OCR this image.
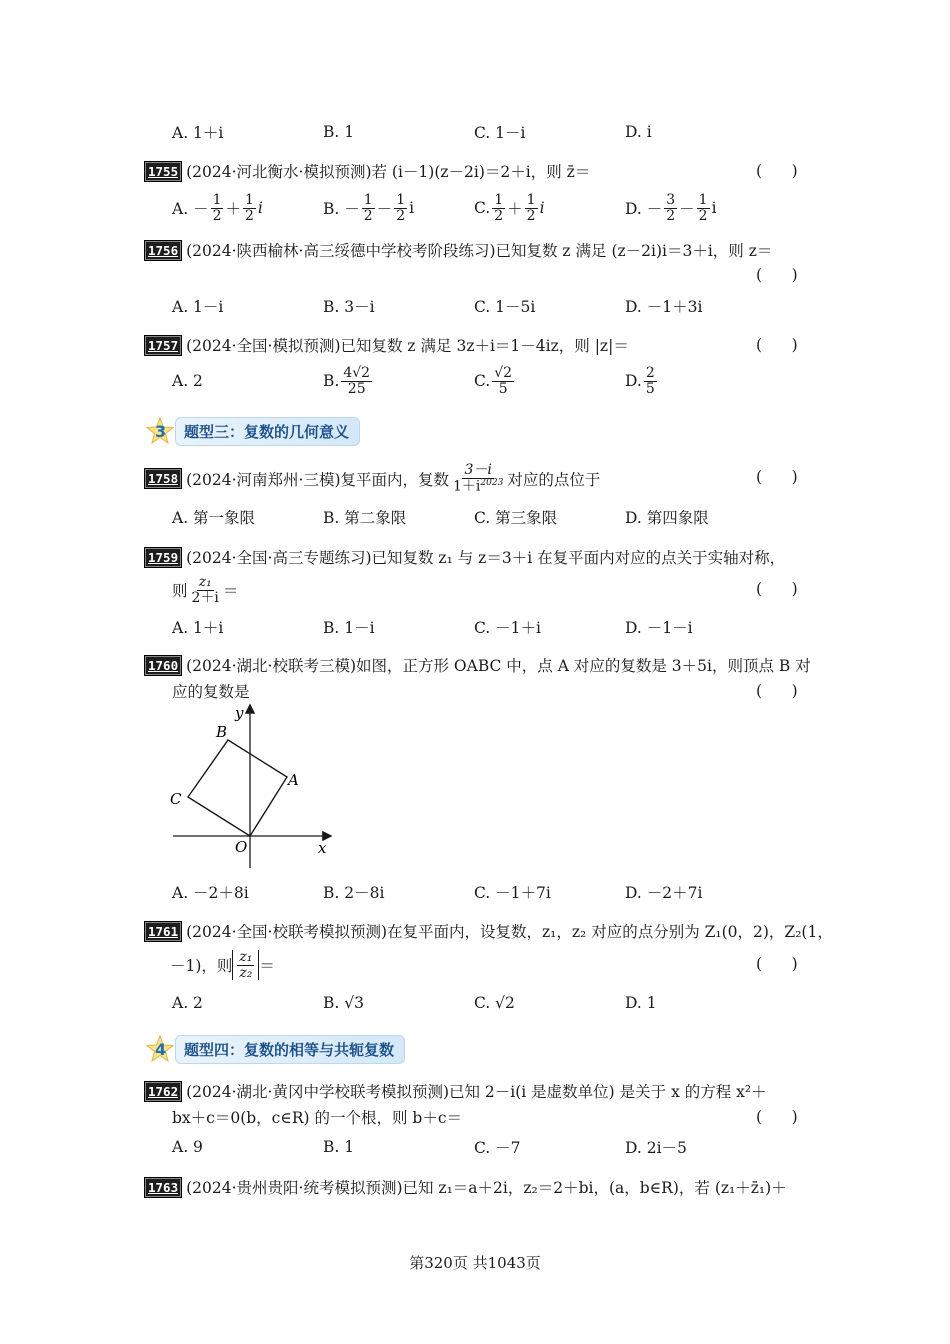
A. 1＋i	B. 1	C. 1－i	D. i
1755 (2024·河北衡水·模拟预测)若 (i－1)(z－2i)＝2＋i，则 z̄＝	(      )
A. － $\frac{1}{2} + \frac{1}{2}$ i	B. － $\frac{1}{2} - \frac{1}{2}$ i	C. $\frac{1}{2} + \frac{1}{2}$ i	D. － $\frac{3}{2} - \frac{1}{2}$ i
1756 (2024·陕西榆林·高三绥德中学校考阶段练习)已知复数 z 满足 (z－2i)i＝3＋i，则 z＝
(      )
A. 1－i	B. 3－i	C. 1－5i	D. －1＋3i
1757 (2024·全国·模拟预测)已知复数 z 满足 3z＋i＝1－4iz，则 |z|＝	(      )
A. 2	B. $\frac{4√2}{25}$	C. $\frac{√2}{5}$	D. $\frac{2}{5}$
3	题型三：复数的几何意义
1758 (2024·河南郑州·三模)复平面内，复数 $\frac{3-i}{1+i^{2023}}$ 对应的点位于	(      )
A. 第一象限	B. 第二象限	C. 第三象限	D. 第四象限
1759 (2024·全国·高三专题练习)已知复数 z₁ 与 z＝3＋i 在复平面内对应的点关于实轴对称，
则 $\frac{\text{z₁}}{2+i}$ ＝	(      )
A. 1＋i	B. 1－i	C. －1＋i	D. －1－i
1760 (2024·湖北·校联考三模)如图，正方形 OABC 中，点 A 对应的复数是 3＋5i，则顶点 B 对
应的复数是	(      )
O	x
y
A
B
C
A. －2＋8i	B. 2－8i	C. －1＋7i	D. －2＋7i
1761 (2024·全国·校联考模拟预测)在复平面内，设复数，z₁，z₂ 对应的点分别为 Z₁(0，2)，Z₂(1，
－1)，则 $\frac{\text{z₁}}{\text{z₂}}$ ＝	(      )
A. 2	B. √3	C. √2	D. 1
4	题型四：复数的相等与共轭复数
1762 (2024·湖北·黄冈中学校联考模拟预测)已知 2－i(i 是虚数单位) 是关于 x 的方程 x²＋
bx＋c＝0(b，c∈R) 的一个根，则 b＋c＝	(      )
A. 9	B. 1	C. －7	D. 2i－5
1763 (2024·贵州贵阳·统考模拟预测)已知 z₁＝a＋2i，z₂＝2＋bi，(a，b∈R)，若 (z₁＋z̄₁)＋
第320页 共1043页
